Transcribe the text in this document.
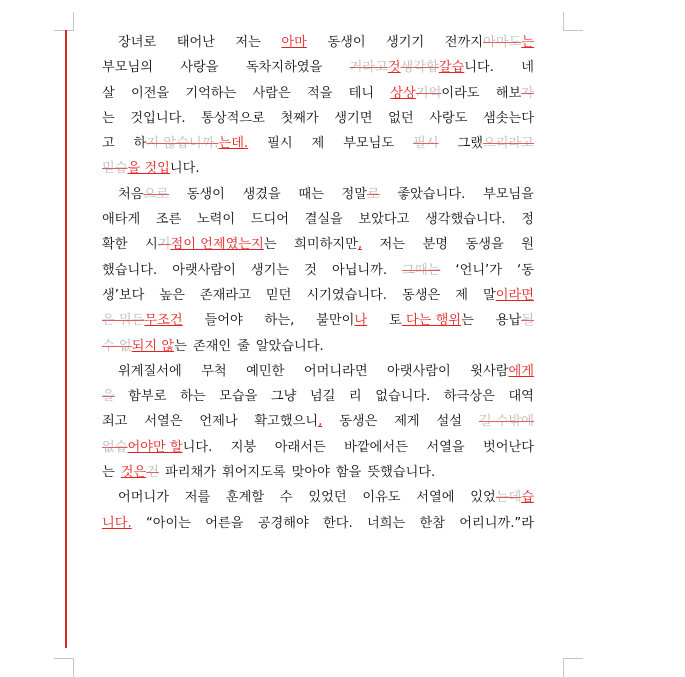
장녀로 태어난 저는 아마 동생이 생기기 전까지아마도는
부모님의 사랑을 독차지하였을 거라고것생각합갈습니다. 네
살 이전을 기억하는 사람은 적을 테니 상상기억이라도 해보자
는 것입니다. 통상적으로 첫째가 생기면 없던 사랑도 샘솟는다
고 하지 않습니까.는데. 필시 제 부모님도 필시 그랬으리라고
믿습을 것입니다.
처음으로 동생이 생겼을 때는 정말로 좋았습니다. 부모님을
애타게 조른 노력이 드디어 결실을 보았다고 생각했습니다. 정
확한 시기점이 언제였는지는 희미하지만, 저는 분명 동생을 원
했습니다. 아랫사람이 생기는 것 아닙니까. 그때는 ‘언니’가 ‘동
생’보다 높은 존재라고 믿던 시기였습니다. 동생은 제 말이라면
은 뭐든무조건 들어야 하는, 불만이나 토 다는 행위는 용납될
수 없되지 않는 존재인 줄 알았습니다.
위계질서에 무척 예민한 어머니라면 아랫사람이 윗사람에게
을 함부로 하는 모습을 그냥 넘길 리 없습니다. 하극상은 대역
죄고 서열은 언제나 확고했으니, 동생은 제게 설설 길 수밖에
없습어야만 할니다. 지붕 아래서든 바깥에서든 서열을 벗어난다
는 것은건 파리채가 휘어지도록 맞아야 함을 뜻했습니다.
어머니가 저를 훈계할 수 있었던 이유도 서열에 있었는데습
니다. “아이는 어른을 공경해야 한다. 너희는 한참 어리니까.”라
